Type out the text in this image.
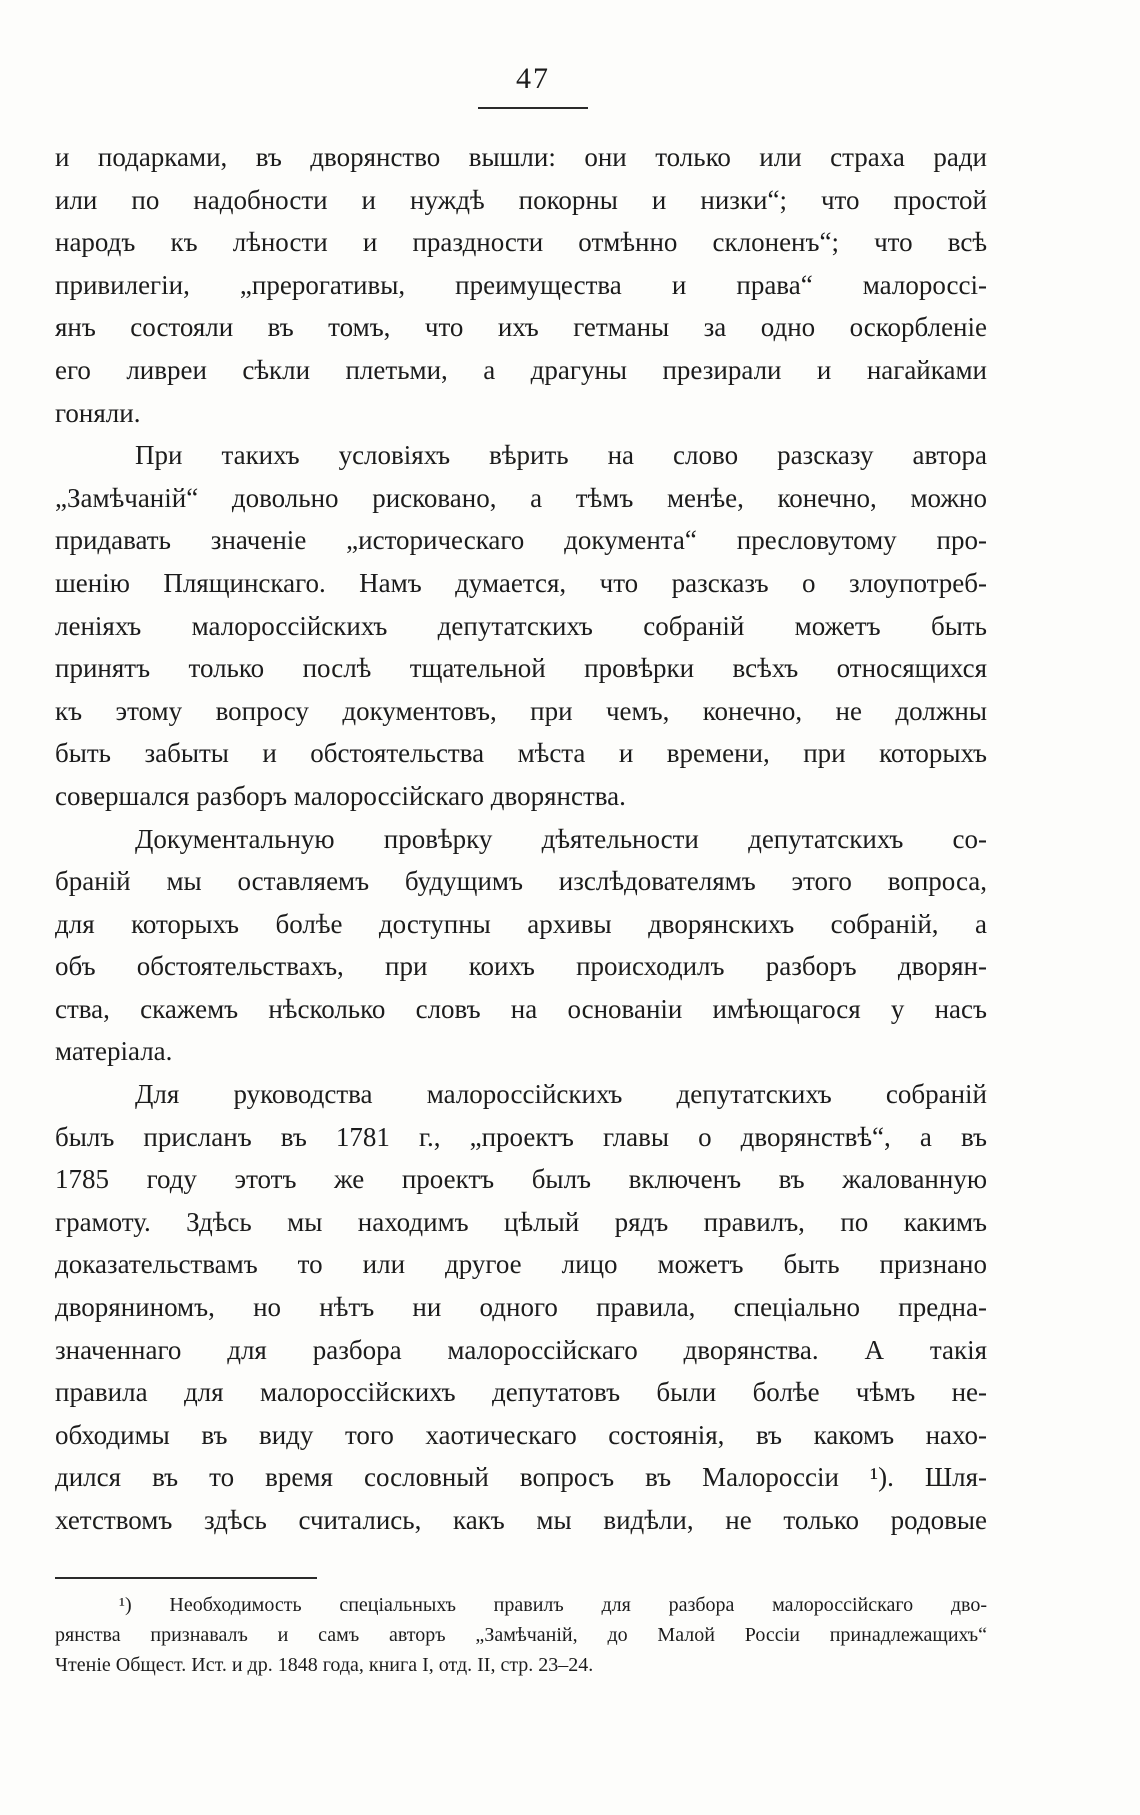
47
и подарками, въ дворянство вышли: они только или страха ради
или по надобности и нуждѣ покорны и низки“; что простой
народъ къ лѣности и праздности отмѣнно склоненъ“; что всѣ
привилегіи, „прерогативы, преимущества и права“ малороссі-
янъ состояли въ томъ, что ихъ гетманы за одно оскорбленіе
его ливреи сѣкли плетьми, а драгуны презирали и нагайками
гоняли.
При такихъ условіяхъ вѣрить на слово разсказу автора
„Замѣчаній“ довольно рисковано, а тѣмъ менѣе, конечно, можно
придавать значеніе „историческаго документа“ пресловутому про-
шенію Плящинскаго. Намъ думается, что разсказъ о злоупотреб-
леніяхъ малороссійскихъ депутатскихъ собраній можетъ быть
принятъ только послѣ тщательной провѣрки всѣхъ относящихся
къ этому вопросу документовъ, при чемъ, конечно, не должны
быть забыты и обстоятельства мѣста и времени, при которыхъ
совершался разборъ малороссійскаго дворянства.
Документальную провѣрку дѣятельности депутатскихъ со-
браній мы оставляемъ будущимъ изслѣдователямъ этого вопроса,
для которыхъ болѣе доступны архивы дворянскихъ собраній, а
объ обстоятельствахъ, при коихъ происходилъ разборъ дворян-
ства, скажемъ нѣсколько словъ на основаніи имѣющагося у насъ
матеріала.
Для руководства малороссійскихъ депутатскихъ собраній
былъ присланъ въ 1781 г., „проектъ главы о дворянствѣ“, а въ
1785 году этотъ же проектъ былъ включенъ въ жалованную
грамоту. Здѣсь мы находимъ цѣлый рядъ правилъ, по какимъ
доказательствамъ то или другое лицо можетъ быть признано
дворяниномъ, но нѣтъ ни одного правила, спеціально предна-
значеннаго для разбора малороссійскаго дворянства. А такія
правила для малороссійскихъ депутатовъ были болѣе чѣмъ не-
обходимы въ виду того хаотическаго состоянія, въ какомъ нахо-
дился въ то время сословный вопросъ въ Малороссіи ¹). Шля-
хетствомъ здѣсь считались, какъ мы видѣли, не только родовые
¹) Необходимость спеціальныхъ правилъ для разбора малороссійскаго дво-
рянства признавалъ и самъ авторъ „Замѣчаній, до Малой Россіи принадлежащихъ“
Чтеніе Общест. Ист. и др. 1848 года, книга I, отд. II, стр. 23–24.
